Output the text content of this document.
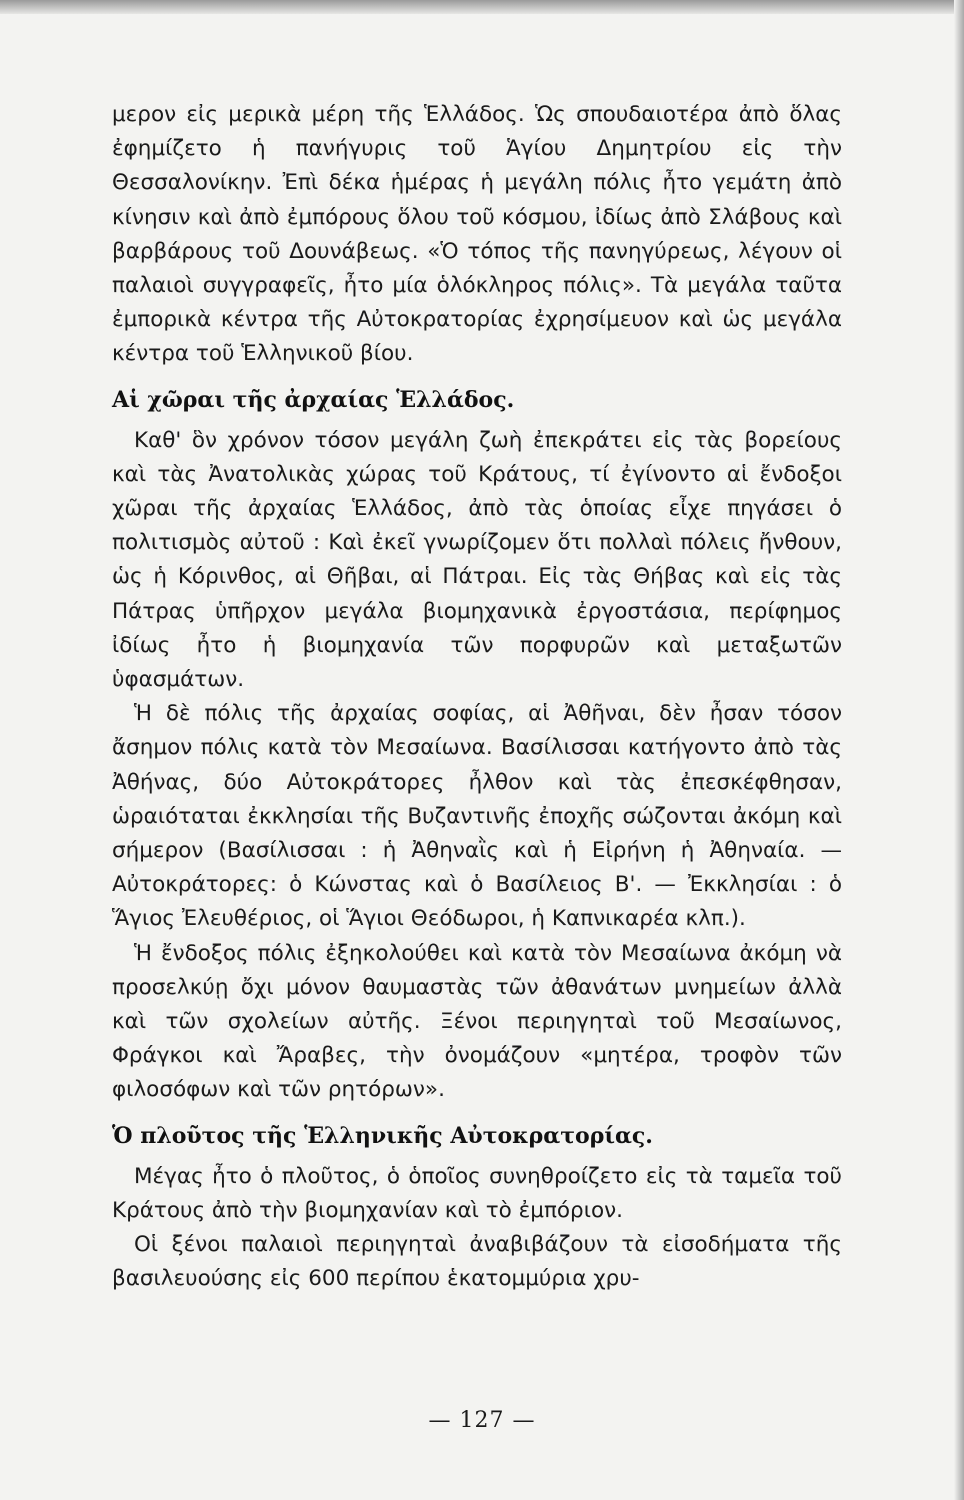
μερον εἰς μερικὰ μέρη τῆς Ἑλλάδος. Ὡς σπουδαιοτέρα ἀπὸ ὅλας ἐφημίζετο ἡ πανήγυρις τοῦ Ἁγίου Δημητρίου εἰς τὴν Θεσσαλονίκην. Ἐπὶ δέκα ἡμέρας ἡ μεγάλη πόλις ἦτο γεμάτη ἀπὸ κίνησιν καὶ ἀπὸ ἐμπόρους ὅλου τοῦ κόσμου, ἰδίως ἀπὸ Σλάβους καὶ βαρβάρους τοῦ Δουνάβεως. «Ὁ τόπος τῆς πανηγύρεως, λέγουν οἱ παλαιοὶ συγγραφεῖς, ἦτο μία ὁλόκληρος πόλις». Τὰ μεγάλα ταῦτα ἐμπορικὰ κέντρα τῆς Αὐτοκρατορίας ἐχρησίμευον καὶ ὡς μεγάλα κέντρα τοῦ Ἑλληνικοῦ βίου.

Αἱ χῶραι τῆς ἀρχαίας Ἑλλάδος.

Καθ' ὃν χρόνον τόσον μεγάλη ζωὴ ἐπεκράτει εἰς τὰς βορείους καὶ τὰς Ἀνατολικὰς χώρας τοῦ Κράτους, τί ἐγίνοντο αἱ ἔνδοξοι χῶραι τῆς ἀρχαίας Ἑλλάδος, ἀπὸ τὰς ὁποίας εἶχε πηγάσει ὁ πολιτισμὸς αὐτοῦ : Καὶ ἐκεῖ γνωρίζομεν ὅτι πολλαὶ πόλεις ἤνθουν, ὡς ἡ Κόρινθος, αἱ Θῆβαι, αἱ Πάτραι. Εἰς τὰς Θήβας καὶ εἰς τὰς Πάτρας ὑπῆρχον μεγάλα βιομηχανικὰ ἐργοστάσια, περίφημος ἰδίως ἦτο ἡ βιομηχανία τῶν πορφυρῶν καὶ μεταξωτῶν ὑφασμάτων.

Ἡ δὲ πόλις τῆς ἀρχαίας σοφίας, αἱ Ἀθῆναι, δὲν ἦσαν τόσον ἄσημον πόλις κατὰ τὸν Μεσαίωνα. Βασίλισσαι κατήγοντο ἀπὸ τὰς Ἀθήνας, δύο Αὐτοκράτορες ἦλθον καὶ τὰς ἐπεσκέφθησαν, ὡραιόταται ἐκκλησίαι τῆς Βυζαντινῆς ἐποχῆς σώζονται ἀκόμη καὶ σήμερον (Βασίλισσαι : ἡ Ἀθηναῒς καὶ ἡ Εἰρήνη ἡ Ἀθηναία. — Αὐτοκράτορες: ὁ Κώνστας καὶ ὁ Βασίλειος Β'. — Ἐκκλησίαι : ὁ Ἅγιος Ἐλευθέριος, οἱ Ἅγιοι Θεόδωροι, ἡ Καπνικαρέα κλπ.).

Ἡ ἔνδοξος πόλις ἐξηκολούθει καὶ κατὰ τὸν Μεσαίωνα ἀκόμη νὰ προσελκύῃ ὄχι μόνον θαυμαστὰς τῶν ἀθανάτων μνημείων ἀλλὰ καὶ τῶν σχολείων αὐτῆς. Ξένοι περιηγηταὶ τοῦ Μεσαίωνος, Φράγκοι καὶ Ἄραβες, τὴν ὀνομάζουν «μητέρα, τροφὸν τῶν φιλοσόφων καὶ τῶν ρητόρων».

Ὁ πλοῦτος τῆς Ἑλληνικῆς Αὐτοκρατορίας.

Μέγας ἦτο ὁ πλοῦτος, ὁ ὁποῖος συνηθροίζετο εἰς τὰ ταμεῖα τοῦ Κράτους ἀπὸ τὴν βιομηχανίαν καὶ τὸ ἐμπόριον.

Οἱ ξένοι παλαιοὶ περιηγηταὶ ἀναβιβάζουν τὰ εἰσοδήματα τῆς βασιλευούσης εἰς 600 περίπου ἑκατομμύρια χρυ-

— 127 —
